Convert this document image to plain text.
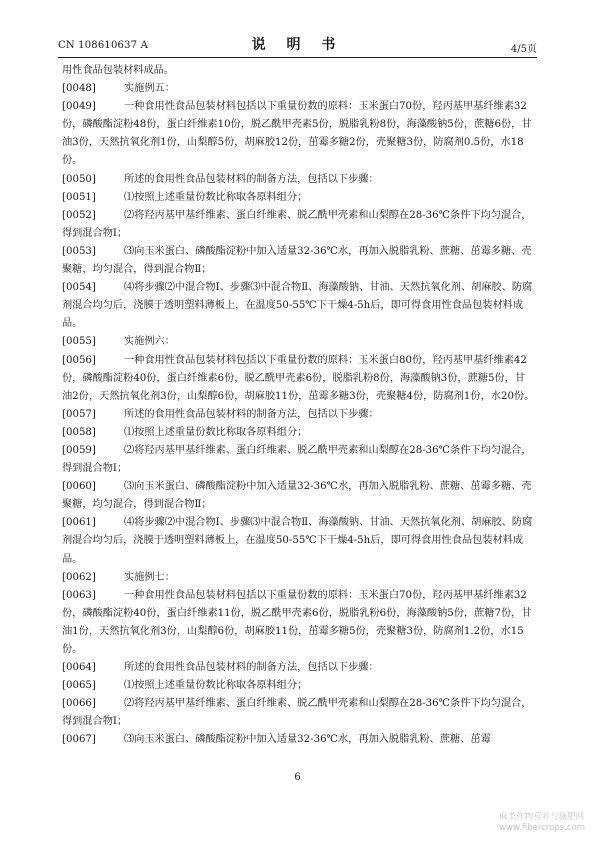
CN 108610637 A	说 明 书	4/5页

用性食品包装材料成品。

[0048]	实施例五：

[0049]	一种食用性食品包装材料包括以下重量份数的原料：玉米蛋白70份，羟丙基甲基纤维素32份，磷酸酯淀粉48份，蛋白纤维素10份，脱乙酰甲壳素5份，脱脂乳粉8份，海藻酸钠5份，蔗糖6份，甘油3份，天然抗氧化剂1份，山梨醇5份，胡麻胶12份，茁霉多糖2份，壳聚糖3份，防腐剂0.5份，水18份。

[0050]	所述的食用性食品包装材料的制备方法，包括以下步骤：

[0051]	⑴按照上述重量份数比称取各原料组分；

[0052]	⑵将羟丙基甲基纤维素、蛋白纤维素、脱乙酰甲壳素和山梨醇在28-36℃条件下均匀混合，得到混合物Ⅰ；

[0053]	⑶向玉米蛋白、磷酸酯淀粉中加入适量32-36℃水，再加入脱脂乳粉、蔗糖、茁霉多糖、壳聚糖，均匀混合，得到混合物Ⅱ；

[0054]	⑷将步骤⑵中混合物Ⅰ、步骤⑶中混合物Ⅱ、海藻酸钠、甘油、天然抗氧化剂、胡麻胶、防腐剂混合均匀后，浇膜于透明塑料薄板上，在温度50-55℃下干燥4-5h后，即可得食用性食品包装材料成品。

[0055]	实施例六：

[0056]	一种食用性食品包装材料包括以下重量份数的原料：玉米蛋白80份，羟丙基甲基纤维素42份，磷酸酯淀粉40份，蛋白纤维素6份，脱乙酰甲壳素6份，脱脂乳粉8份，海藻酸钠3份，蔗糖5份，甘油2份，天然抗氧化剂3份，山梨醇6份，胡麻胶11份，茁霉多糖3份，壳聚糖4份，防腐剂1份，水20份。

[0057]	所述的食用性食品包装材料的制备方法，包括以下步骤：

[0058]	⑴按照上述重量份数比称取各原料组分；

[0059]	⑵将羟丙基甲基纤维素、蛋白纤维素、脱乙酰甲壳素和山梨醇在28-36℃条件下均匀混合，得到混合物Ⅰ；

[0060]	⑶向玉米蛋白、磷酸酯淀粉中加入适量32-36℃水，再加入脱脂乳粉、蔗糖、茁霉多糖、壳聚糖，均匀混合，得到混合物Ⅱ；

[0061]	⑷将步骤⑵中混合物Ⅰ、步骤⑶中混合物Ⅱ、海藻酸钠、甘油、天然抗氧化剂、胡麻胶、防腐剂混合均匀后，浇膜于透明塑料薄板上，在温度50-55℃下干燥4-5h后，即可得食用性食品包装材料成品。

[0062]	实施例七：

[0063]	一种食用性食品包装材料包括以下重量份数的原料：玉米蛋白70份，羟丙基甲基纤维素32份，磷酸酯淀粉40份，蛋白纤维素11份，脱乙酰甲壳素6份，脱脂乳粉6份，海藻酸钠5份，蔗糖7份，甘油1份，天然抗氧化剂3份，山梨醇6份，胡麻胶11份，茁霉多糖5份，壳聚糖3份，防腐剂1.2份，水15份。

[0064]	所述的食用性食品包装材料的制备方法，包括以下步骤：

[0065]	⑴按照上述重量份数比称取各原料组分；

[0066]	⑵将羟丙基甲基纤维素、蛋白纤维素、脱乙酰甲壳素和山梨醇在28-36℃条件下均匀混合，得到混合物Ⅰ；

[0067]	⑶向玉米蛋白、磷酸酯淀粉中加入适量32-36℃水，再加入脱脂乳粉、蔗糖、茁霉

6
麻类作物营养与施肥网
www.fibercrops.com
